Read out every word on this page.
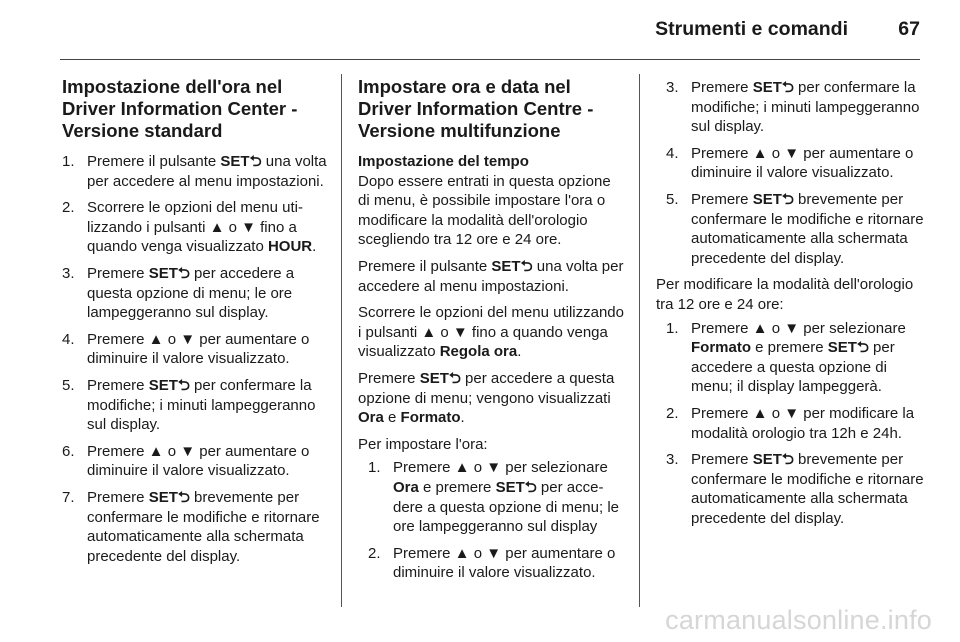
Strumenti e comandi	67
Impostazione dell'ora nel Driver Information Center - Versione standard
1. Premere il pulsante SET⮌ una volta per accedere al menu impostazioni.
2. Scorrere le opzioni del menu utilizzando i pulsanti ▲ o ▼ fino a quando venga visualizzato HOUR.
3. Premere SET⮌ per accedere a questa opzione di menu; le ore lampeggeranno sul display.
4. Premere ▲ o ▼ per aumentare o diminuire il valore visualizzato.
5. Premere SET⮌ per confermare la modifiche; i minuti lampeggeranno sul display.
6. Premere ▲ o ▼ per aumentare o diminuire il valore visualizzato.
7. Premere SET⮌ brevemente per confermare le modifiche e ritornare automaticamente alla schermata precedente del display.
Impostare ora e data nel Driver Information Centre - Versione multifunzione
Impostazione del tempo

Dopo essere entrati in questa opzione di menu, è possibile impostare l'ora o modificare la modalità dell'orologio scegliendo tra 12 ore e 24 ore.

Premere il pulsante SET⮌ una volta per accedere al menu impostazioni.

Scorrere le opzioni del menu utilizzando i pulsanti ▲ o ▼ fino a quando venga visualizzato Regola ora.

Premere SET⮌ per accedere a questa opzione di menu; vengono visualizzati Ora e Formato.

Per impostare l'ora:

1. Premere ▲ o ▼ per selezionare Ora e premere SET⮌ per accedere a questa opzione di menu; le ore lampeggeranno sul display
2. Premere ▲ o ▼ per aumentare o diminuire il valore visualizzato.
3. Premere SET⮌ per confermare la modifiche; i minuti lampeggeranno sul display.
4. Premere ▲ o ▼ per aumentare o diminuire il valore visualizzato.
5. Premere SET⮌ brevemente per confermare le modifiche e ritornare automaticamente alla schermata precedente del display.

Per modificare la modalità dell'orologio tra 12 ore e 24 ore:

1. Premere ▲ o ▼ per selezionare Formato e premere SET⮌ per accedere a questa opzione di menu; il display lampeggerà.
2. Premere ▲ o ▼ per modificare la modalità orologio tra 12h e 24h.
3. Premere SET⮌ brevemente per confermare le modifiche e ritornare automaticamente alla schermata precedente del display.
carmanualsonline.info
